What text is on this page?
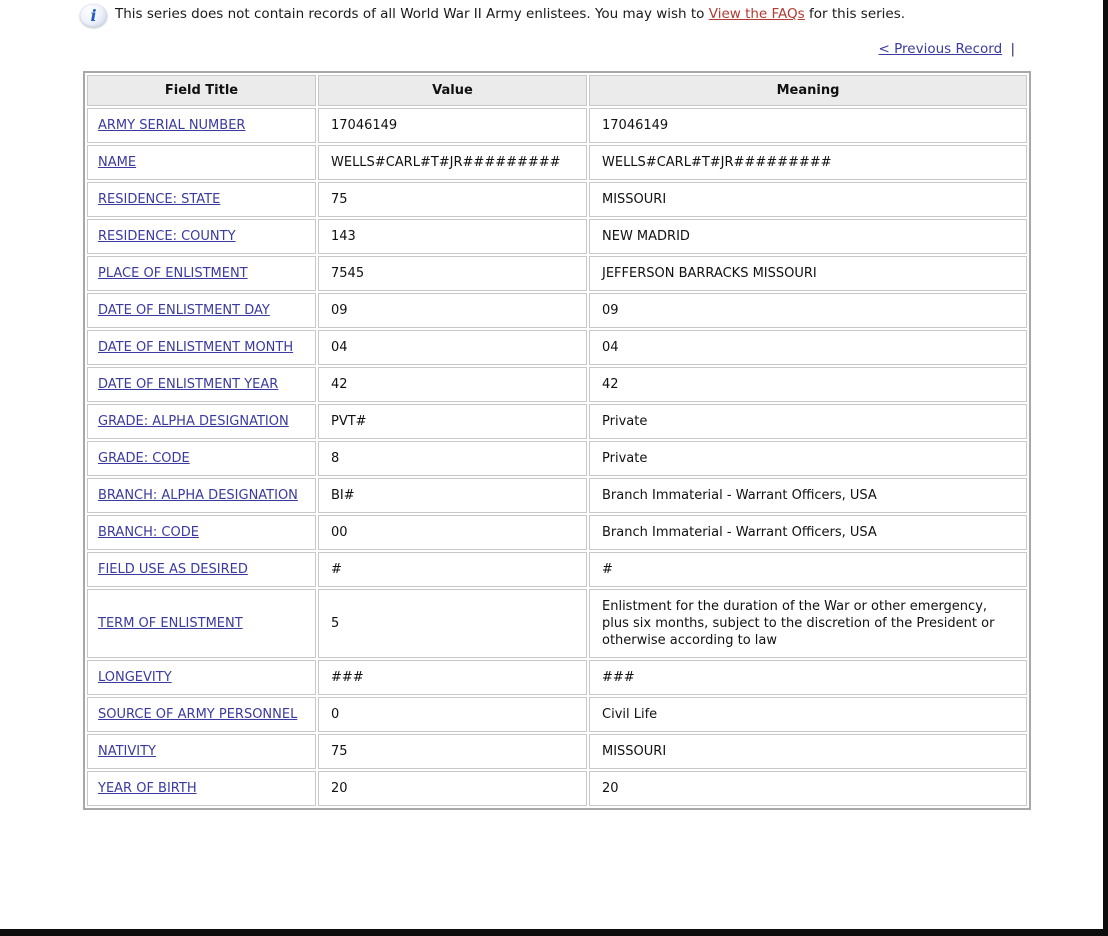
i	This series does not contain records of all World War II Army enlistees. You may wish to View the FAQs for this series.
< Previous Record |
Field Title	Value	Meaning
ARMY SERIAL NUMBER	17046149	17046149
NAME	WELLS#CARL#T#JR#########	WELLS#CARL#T#JR#########
RESIDENCE: STATE	75	MISSOURI
RESIDENCE: COUNTY	143	NEW MADRID
PLACE OF ENLISTMENT	7545	JEFFERSON BARRACKS MISSOURI
DATE OF ENLISTMENT DAY	09	09
DATE OF ENLISTMENT MONTH	04	04
DATE OF ENLISTMENT YEAR	42	42
GRADE: ALPHA DESIGNATION	PVT#	Private
GRADE: CODE	8	Private
BRANCH: ALPHA DESIGNATION	BI#	Branch Immaterial - Warrant Officers, USA
BRANCH: CODE	00	Branch Immaterial - Warrant Officers, USA
FIELD USE AS DESIRED	#	#
TERM OF ENLISTMENT	5	Enlistment for the duration of the War or other emergency, plus six months, subject to the discretion of the President or otherwise according to law
LONGEVITY	###	###
SOURCE OF ARMY PERSONNEL	0	Civil Life
NATIVITY	75	MISSOURI
YEAR OF BIRTH	20	20
